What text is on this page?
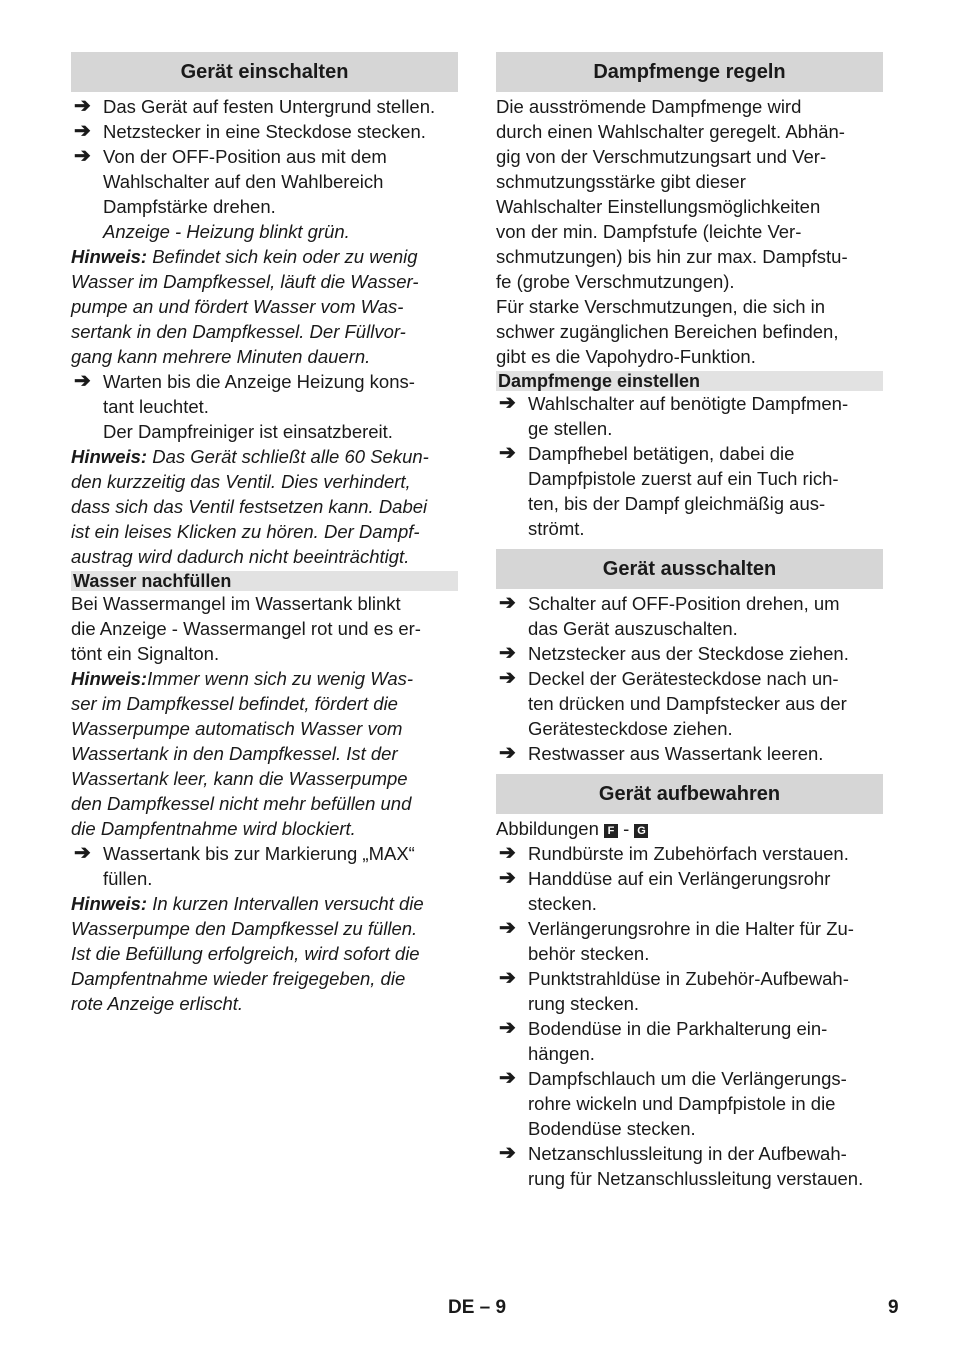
Gerät einschalten
➔ Das Gerät auf festen Untergrund stellen.
➔ Netzstecker in eine Steckdose stecken.
➔ Von der OFF-Position aus mit dem
Wahlschalter auf den Wahlbereich
Dampfstärke drehen.
Anzeige - Heizung blinkt grün.
Hinweis: Befindet sich kein oder zu wenig
Wasser im Dampfkessel, läuft die Wasser-
pumpe an und fördert Wasser vom Was-
sertank in den Dampfkessel. Der Füllvor-
gang kann mehrere Minuten dauern.
➔ Warten bis die Anzeige Heizung kons-
tant leuchtet.
Der Dampfreiniger ist einsatzbereit.
Hinweis: Das Gerät schließt alle 60 Sekun-
den kurzzeitig das Ventil. Dies verhindert,
dass sich das Ventil festsetzen kann. Dabei
ist ein leises Klicken zu hören. Der Dampf-
austrag wird dadurch nicht beeinträchtigt.
Wasser nachfüllen
Bei Wassermangel im Wassertank blinkt
die Anzeige - Wassermangel rot und es er-
tönt ein Signalton.
Hinweis:Immer wenn sich zu wenig Was-
ser im Dampfkessel befindet, fördert die
Wasserpumpe automatisch Wasser vom
Wassertank in den Dampfkessel. Ist der
Wassertank leer, kann die Wasserpumpe
den Dampfkessel nicht mehr befüllen und
die Dampfentnahme wird blockiert.
➔ Wassertank bis zur Markierung „MAX“
füllen.
Hinweis: In kurzen Intervallen versucht die
Wasserpumpe den Dampfkessel zu füllen.
Ist die Befüllung erfolgreich, wird sofort die
Dampfentnahme wieder freigegeben, die
rote Anzeige erlischt.
Dampfmenge regeln
Die ausströmende Dampfmenge wird
durch einen Wahlschalter geregelt. Abhän-
gig von der Verschmutzungsart und Ver-
schmutzungsstärke gibt dieser
Wahlschalter Einstellungsmöglichkeiten
von der min. Dampfstufe (leichte Ver-
schmutzungen) bis hin zur max. Dampfstu-
fe (grobe Verschmutzungen).
Für starke Verschmutzungen, die sich in
schwer zugänglichen Bereichen befinden,
gibt es die Vapohydro-Funktion.
Dampfmenge einstellen
➔ Wahlschalter auf benötigte Dampfmen-
ge stellen.
➔ Dampfhebel betätigen, dabei die
Dampfpistole zuerst auf ein Tuch rich-
ten, bis der Dampf gleichmäßig aus-
strömt.
Gerät ausschalten
➔ Schalter auf OFF-Position drehen, um
das Gerät auszuschalten.
➔ Netzstecker aus der Steckdose ziehen.
➔ Deckel der Gerätesteckdose nach un-
ten drücken und Dampfstecker aus der
Gerätesteckdose ziehen.
➔ Restwasser aus Wassertank leeren.
Gerät aufbewahren
Abbildungen F - G
➔ Rundbürste im Zubehörfach verstauen.
➔ Handdüse auf ein Verlängerungsrohr
stecken.
➔ Verlängerungsrohre in die Halter für Zu-
behör stecken.
➔ Punktstrahldüse in Zubehör-Aufbewah-
rung stecken.
➔ Bodendüse in die Parkhalterung ein-
hängen.
➔ Dampfschlauch um die Verlängerungs-
rohre wickeln und Dampfpistole in die
Bodendüse stecken.
➔ Netzanschlussleitung in der Aufbewah-
rung für Netzanschlussleitung verstauen.
DE – 9	9
